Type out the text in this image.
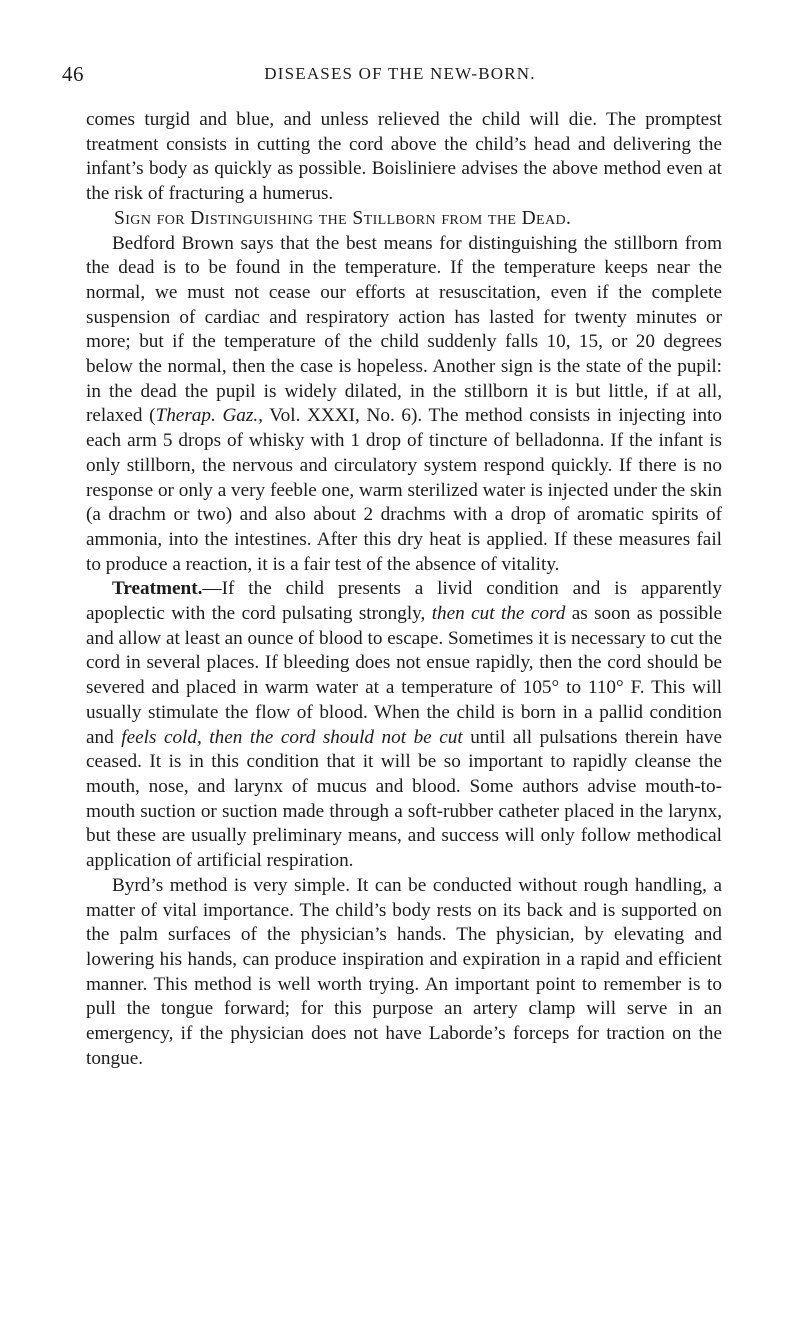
46	DISEASES OF THE NEW-BORN.

comes turgid and blue, and unless relieved the child will die. The promptest treatment consists in cutting the cord above the child’s head and delivering the infant’s body as quickly as possible. Boisliniere advises the above method even at the risk of fracturing a humerus.

Sign for Distinguishing the Stillborn from the Dead.

Bedford Brown says that the best means for distinguishing the stillborn from the dead is to be found in the temperature. If the temperature keeps near the normal, we must not cease our efforts at resuscitation, even if the complete suspension of cardiac and respiratory action has lasted for twenty minutes or more; but if the temperature of the child suddenly falls 10, 15, or 20 degrees below the normal, then the case is hopeless. Another sign is the state of the pupil: in the dead the pupil is widely dilated, in the stillborn it is but little, if at all, relaxed (Therap. Gaz., Vol. XXXI, No. 6). The method consists in injecting into each arm 5 drops of whisky with 1 drop of tincture of belladonna. If the infant is only stillborn, the nervous and circulatory system respond quickly. If there is no response or only a very feeble one, warm sterilized water is injected under the skin (a drachm or two) and also about 2 drachms with a drop of aromatic spirits of ammonia, into the intestines. After this dry heat is applied. If these measures fail to produce a reaction, it is a fair test of the absence of vitality.

Treatment.—If the child presents a livid condition and is apparently apoplectic with the cord pulsating strongly, then cut the cord as soon as possible and allow at least an ounce of blood to escape. Sometimes it is necessary to cut the cord in several places. If bleeding does not ensue rapidly, then the cord should be severed and placed in warm water at a temperature of 105° to 110° F. This will usually stimulate the flow of blood. When the child is born in a pallid condition and feels cold, then the cord should not be cut until all pulsations therein have ceased. It is in this condition that it will be so important to rapidly cleanse the mouth, nose, and larynx of mucus and blood. Some authors advise mouth-to-mouth suction or suction made through a soft-rubber catheter placed in the larynx, but these are usually preliminary means, and success will only follow methodical application of artificial respiration.

Byrd’s method is very simple. It can be conducted without rough handling, a matter of vital importance. The child’s body rests on its back and is supported on the palm surfaces of the physician’s hands. The physician, by elevating and lowering his hands, can produce inspiration and expiration in a rapid and efficient manner. This method is well worth trying. An important point to remember is to pull the tongue forward; for this purpose an artery clamp will serve in an emergency, if the physician does not have Laborde’s forceps for traction on the tongue.
